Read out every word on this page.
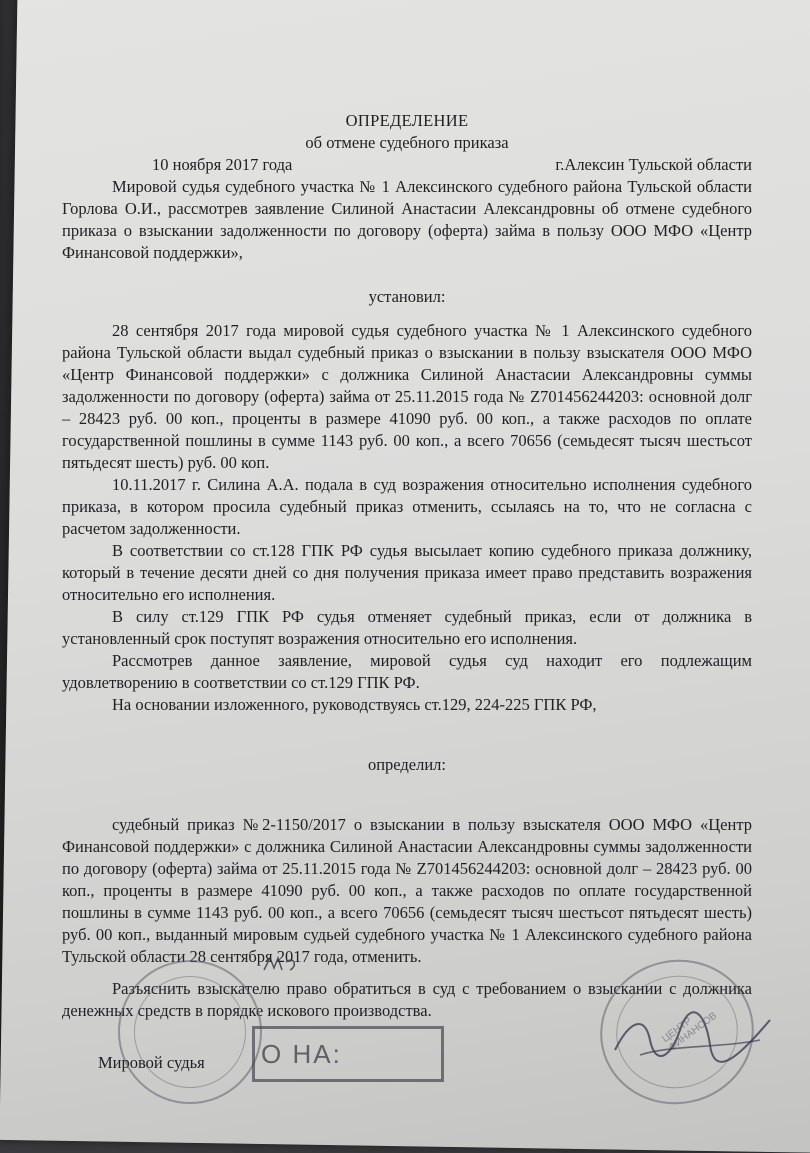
ОПРЕДЕЛЕНИЕ
об отмене судебного приказа
10 ноября 2017 года	г.Алексин Тульской области

Мировой судья судебного участка № 1 Алексинского судебного района Тульской области Горлова О.И., рассмотрев заявление Силиной Анастасии Александровны об отмене судебного приказа о взыскании задолженности по договору (оферта) займа в пользу ООО МФО «Центр Финансовой поддержки»,

установил:

28 сентября 2017 года мировой судья судебного участка № 1 Алексинского судебного района Тульской области выдал судебный приказ о взыскании в пользу взыскателя ООО МФО «Центр Финансовой поддержки» с должника Силиной Анастасии Александровны суммы задолженности по договору (оферта) займа от 25.11.2015 года № Z701456244203: основной долг – 28423 руб. 00 коп., проценты в размере 41090 руб. 00 коп., а также расходов по оплате государственной пошлины в сумме 1143 руб. 00 коп., а всего 70656 (семьдесят тысяч шестьсот пятьдесят шесть) руб. 00 коп.

10.11.2017 г. Силина А.А. подала в суд возражения относительно исполнения судебного приказа, в котором просила судебный приказ отменить, ссылаясь на то, что не согласна с расчетом задолженности.

В соответствии со ст.128 ГПК РФ судья высылает копию судебного приказа должнику, который в течение десяти дней со дня получения приказа имеет право представить возражения относительно его исполнения.

В силу ст.129 ГПК РФ судья отменяет судебный приказ, если от должника в установленный срок поступят возражения относительно его исполнения.

Рассмотрев данное заявление, мировой судья суд находит его подлежащим удовлетворению в соответствии со ст.129 ГПК РФ.

На основании изложенного, руководствуясь ст.129, 224-225 ГПК РФ,

определил:

судебный приказ №2-1150/2017 о взыскании в пользу взыскателя ООО МФО «Центр Финансовой поддержки» с должника Силиной Анастасии Александровны суммы задолженности по договору (оферта) займа от 25.11.2015 года № Z701456244203: основной долг – 28423 руб. 00 коп., проценты в размере 41090 руб. 00 коп., а также расходов по оплате государственной пошлины в сумме 1143 руб. 00 коп., а всего 70656 (семьдесят тысяч шестьсот пятьдесят шесть) руб. 00 коп., выданный мировым судьей судебного участка № 1 Алексинского судебного района Тульской области 28 сентября 2017 года, отменить.

Разъяснить взыскателю право обратиться в суд с требованием о взыскании с должника денежных средств в порядке искового производства.

Мировой судья	О НА:
ЦЕНТР ФИНАНСОВ
